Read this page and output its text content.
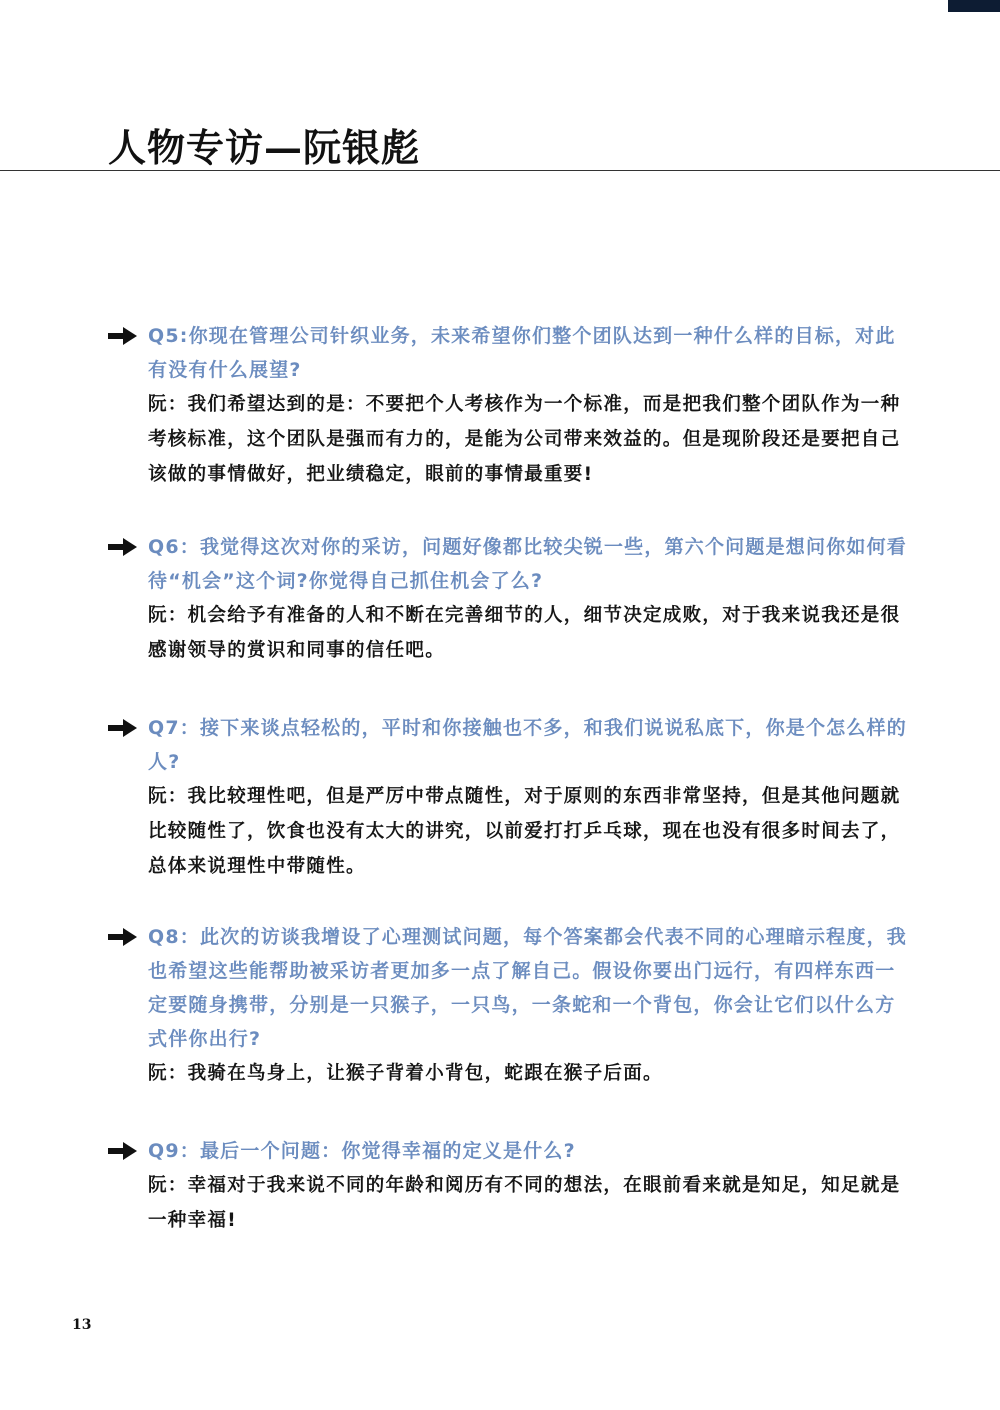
人物专访—阮银彪

Q5:你现在管理公司针织业务，未来希望你们整个团队达到一种什么样的目标，对此有没有什么展望?

阮：我们希望达到的是：不要把个人考核作为一个标准，而是把我们整个团队作为一种考核标准，这个团队是强而有力的，是能为公司带来效益的。但是现阶段还是要把自己该做的事情做好，把业绩稳定，眼前的事情最重要!

Q6：我觉得这次对你的采访，问题好像都比较尖锐一些，第六个问题是想问你如何看待“机会”这个词?你觉得自己抓住机会了么?

阮：机会给予有准备的人和不断在完善细节的人，细节决定成败，对于我来说我还是很感谢领导的赏识和同事的信任吧。

Q7：接下来谈点轻松的，平时和你接触也不多，和我们说说私底下，你是个怎么样的人?

阮：我比较理性吧，但是严厉中带点随性，对于原则的东西非常坚持，但是其他问题就比较随性了，饮食也没有太大的讲究，以前爱打打乒乓球，现在也没有很多时间去了，总体来说理性中带随性。

Q8：此次的访谈我增设了心理测试问题，每个答案都会代表不同的心理暗示程度，我也希望这些能帮助被采访者更加多一点了解自己。假设你要出门远行，有四样东西一定要随身携带，分别是一只猴子，一只鸟，一条蛇和一个背包，你会让它们以什么方式伴你出行?

阮：我骑在鸟身上，让猴子背着小背包，蛇跟在猴子后面。

Q9：最后一个问题：你觉得幸福的定义是什么?

阮：幸福对于我来说不同的年龄和阅历有不同的想法，在眼前看来就是知足，知足就是一种幸福!

13
